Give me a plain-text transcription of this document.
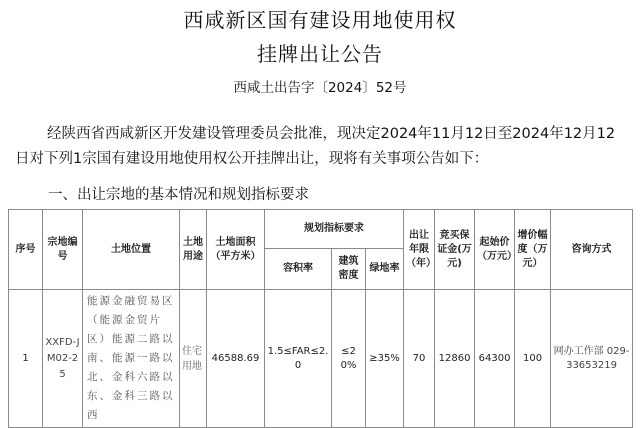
西咸新区国有建设用地使用权
挂牌出让公告
西咸土出告字〔2024〕52号
经陕西省西咸新区开发建设管理委员会批准，现决定2024年11月12日至2024年12月12日对下列1宗国有建设用地使用权公开挂牌出让，现将有关事项公告如下：
一、出让宗地的基本情况和规划指标要求
序号	宗地编号	土地位置	土地用途	土地面积（平方米）	规划指标要求			出让年限（年）	竞买保证金(万元)	起始价（万元）	增价幅度（万元）	咨询方式
					容积率	建筑密度	绿地率					
1	XXFD-JM02-25	能源金融贸易区（能源金贸片区）能源二路以南、能源一路以北、金科六路以东、金科三路以西	住宅用地	46588.69	1.5≤FAR≤2.0	≤20%	≥35%	70	12860	64300	100	网办工作部 029-33653219
